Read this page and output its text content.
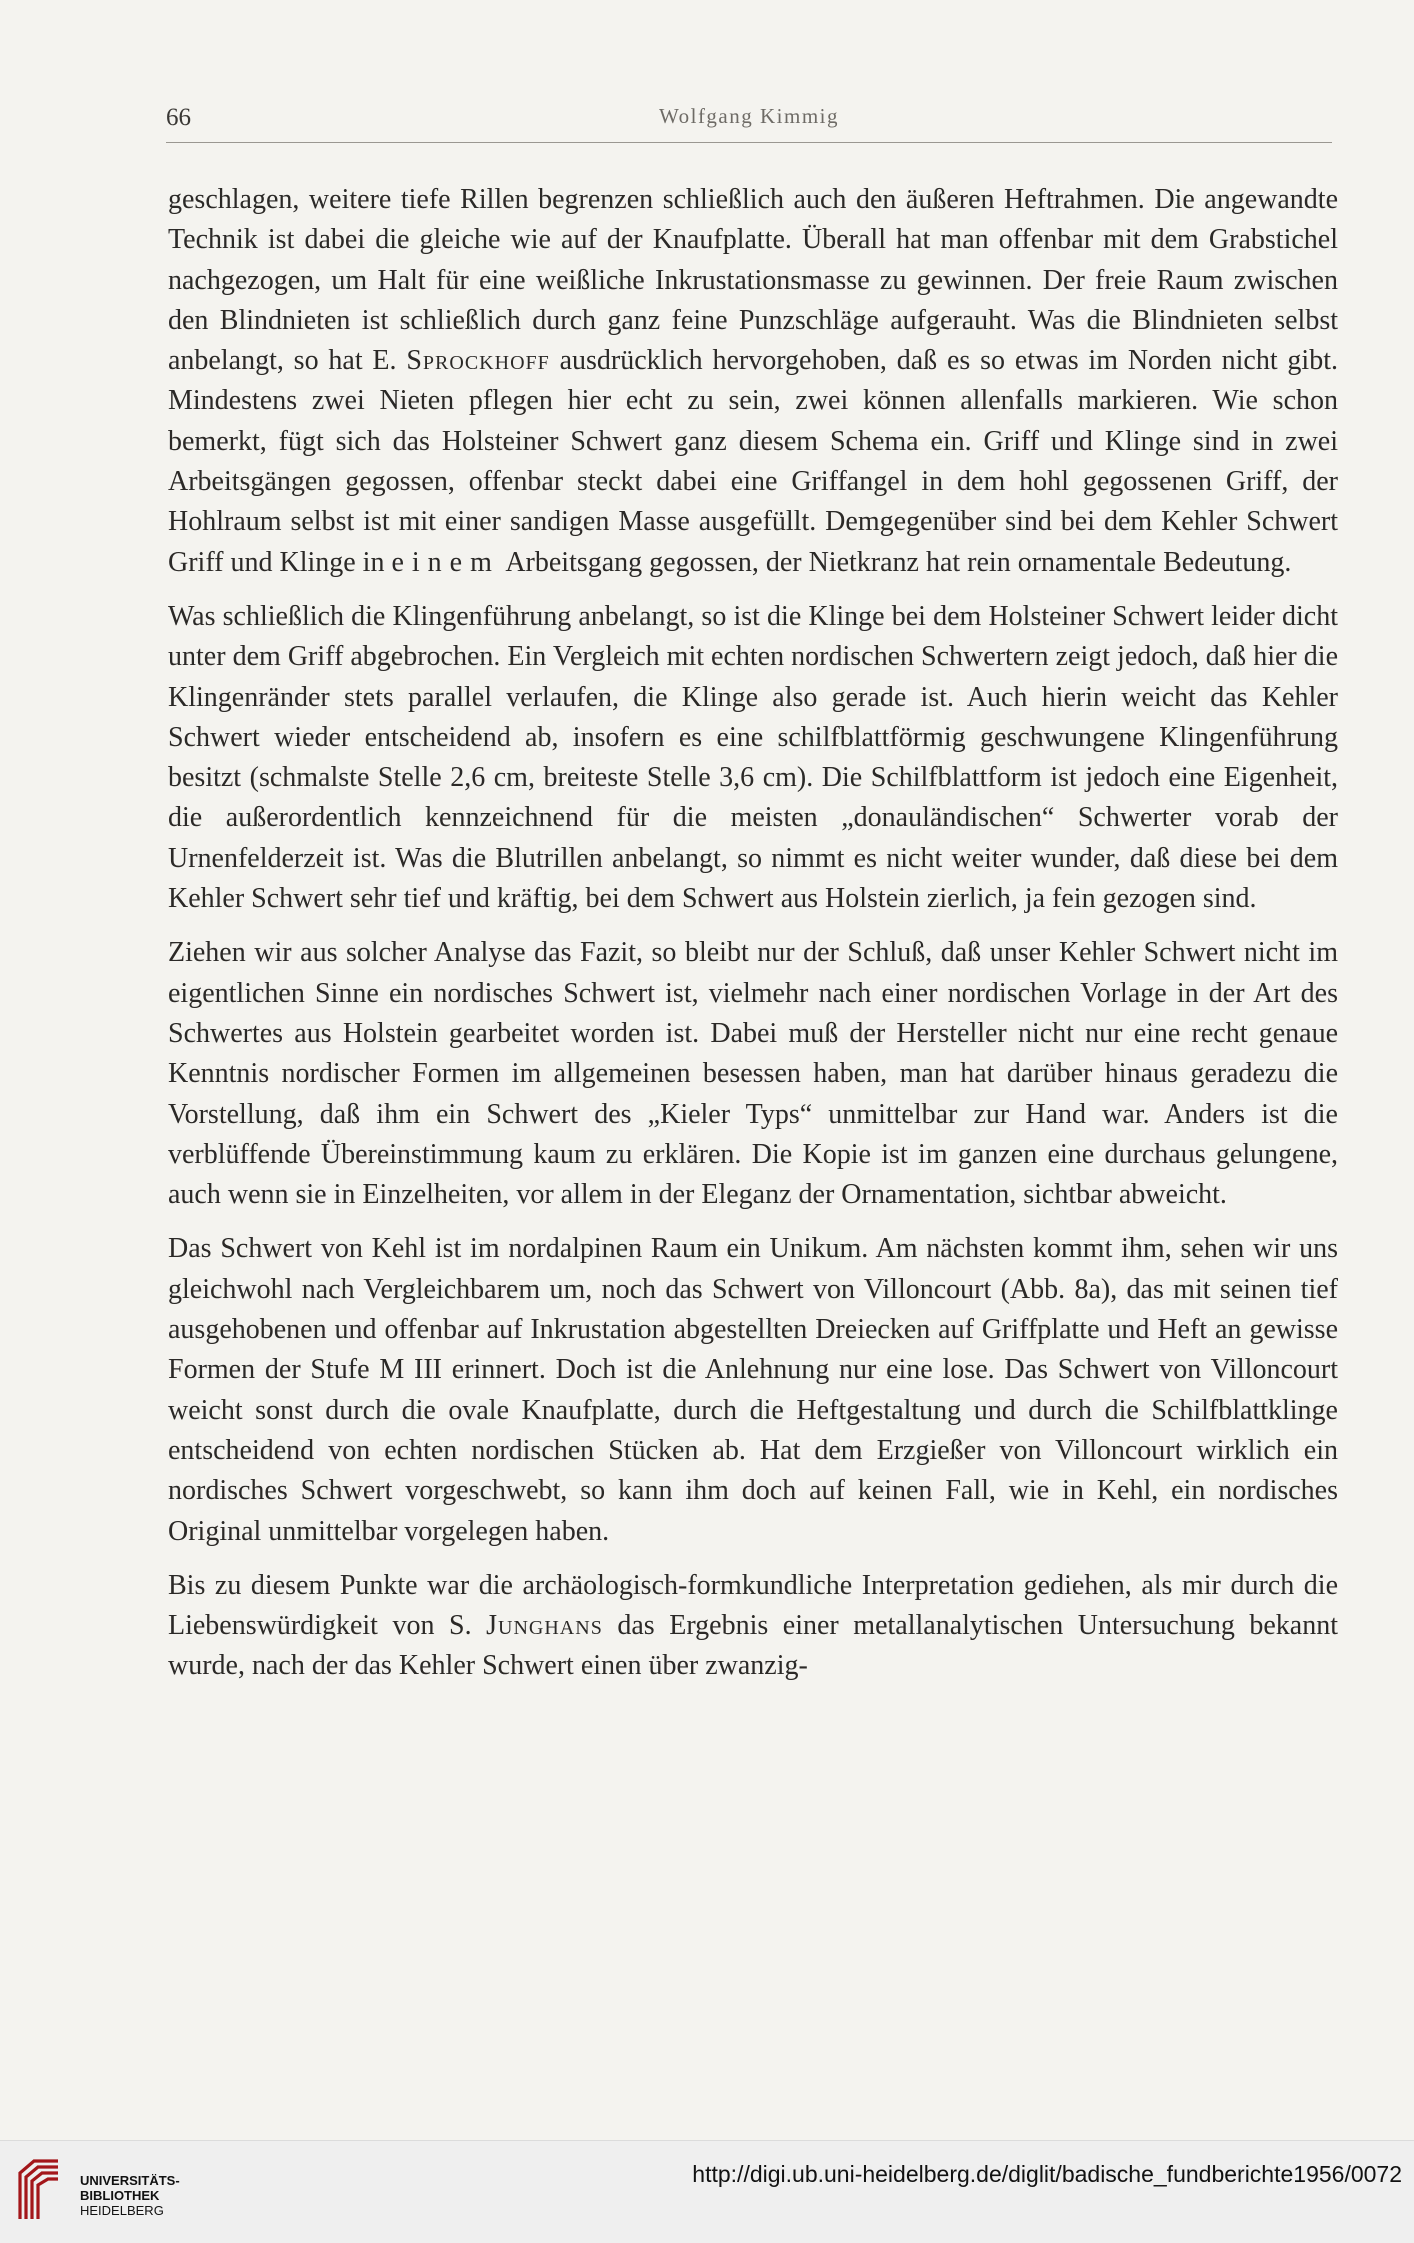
66	Wolfgang Kimmig

geschlagen, weitere tiefe Rillen begrenzen schließlich auch den äußeren Heftrahmen. Die angewandte Technik ist dabei die gleiche wie auf der Knaufplatte. Überall hat man offenbar mit dem Grabstichel nachgezogen, um Halt für eine weißliche Inkrustationsmasse zu gewinnen. Der freie Raum zwischen den Blindnieten ist schließlich durch ganz feine Punzschläge aufgerauht. Was die Blindnieten selbst anbelangt, so hat E. Sprockhoff ausdrücklich hervorgehoben, daß es so etwas im Norden nicht gibt. Mindestens zwei Nieten pflegen hier echt zu sein, zwei können allenfalls markieren. Wie schon bemerkt, fügt sich das Holsteiner Schwert ganz diesem Schema ein. Griff und Klinge sind in zwei Arbeitsgängen gegossen, offenbar steckt dabei eine Griffangel in dem hohl gegossenen Griff, der Hohlraum selbst ist mit einer sandigen Masse ausgefüllt. Demgegenüber sind bei dem Kehler Schwert Griff und Klinge in einem Arbeitsgang gegossen, der Nietkranz hat rein ornamentale Bedeutung.

Was schließlich die Klingenführung anbelangt, so ist die Klinge bei dem Holsteiner Schwert leider dicht unter dem Griff abgebrochen. Ein Vergleich mit echten nordischen Schwertern zeigt jedoch, daß hier die Klingenränder stets parallel verlaufen, die Klinge also gerade ist. Auch hierin weicht das Kehler Schwert wieder entscheidend ab, insofern es eine schilfblattförmig geschwungene Klingenführung besitzt (schmalste Stelle 2,6 cm, breiteste Stelle 3,6 cm). Die Schilfblattform ist jedoch eine Eigenheit, die außerordentlich kennzeichnend für die meisten „donauländischen“ Schwerter vorab der Urnenfelderzeit ist. Was die Blutrillen anbelangt, so nimmt es nicht weiter wunder, daß diese bei dem Kehler Schwert sehr tief und kräftig, bei dem Schwert aus Holstein zierlich, ja fein gezogen sind.

Ziehen wir aus solcher Analyse das Fazit, so bleibt nur der Schluß, daß unser Kehler Schwert nicht im eigentlichen Sinne ein nordisches Schwert ist, vielmehr nach einer nordischen Vorlage in der Art des Schwertes aus Holstein gearbeitet worden ist. Dabei muß der Hersteller nicht nur eine recht genaue Kenntnis nordischer Formen im allgemeinen besessen haben, man hat darüber hinaus geradezu die Vorstellung, daß ihm ein Schwert des „Kieler Typs“ unmittelbar zur Hand war. Anders ist die verblüffende Übereinstimmung kaum zu erklären. Die Kopie ist im ganzen eine durchaus gelungene, auch wenn sie in Einzelheiten, vor allem in der Eleganz der Ornamentation, sichtbar abweicht.

Das Schwert von Kehl ist im nordalpinen Raum ein Unikum. Am nächsten kommt ihm, sehen wir uns gleichwohl nach Vergleichbarem um, noch das Schwert von Villoncourt (Abb. 8a), das mit seinen tief ausgehobenen und offenbar auf Inkrustation abgestellten Dreiecken auf Griffplatte und Heft an gewisse Formen der Stufe M III erinnert. Doch ist die Anlehnung nur eine lose. Das Schwert von Villoncourt weicht sonst durch die ovale Knaufplatte, durch die Heftgestaltung und durch die Schilfblattklinge entscheidend von echten nordischen Stücken ab. Hat dem Erzgießer von Villoncourt wirklich ein nordisches Schwert vorgeschwebt, so kann ihm doch auf keinen Fall, wie in Kehl, ein nordisches Original unmittelbar vorgelegen haben.

Bis zu diesem Punkte war die archäologisch-formkundliche Interpretation gediehen, als mir durch die Liebenswürdigkeit von S. Junghans das Ergebnis einer metallanalytischen Untersuchung bekannt wurde, nach der das Kehler Schwert einen über zwanzig-

UNIVERSITÄTS-
BIBLIOTHEK
HEIDELBERG
http://digi.ub.uni-heidelberg.de/diglit/badische_fundberichte1956/0072
